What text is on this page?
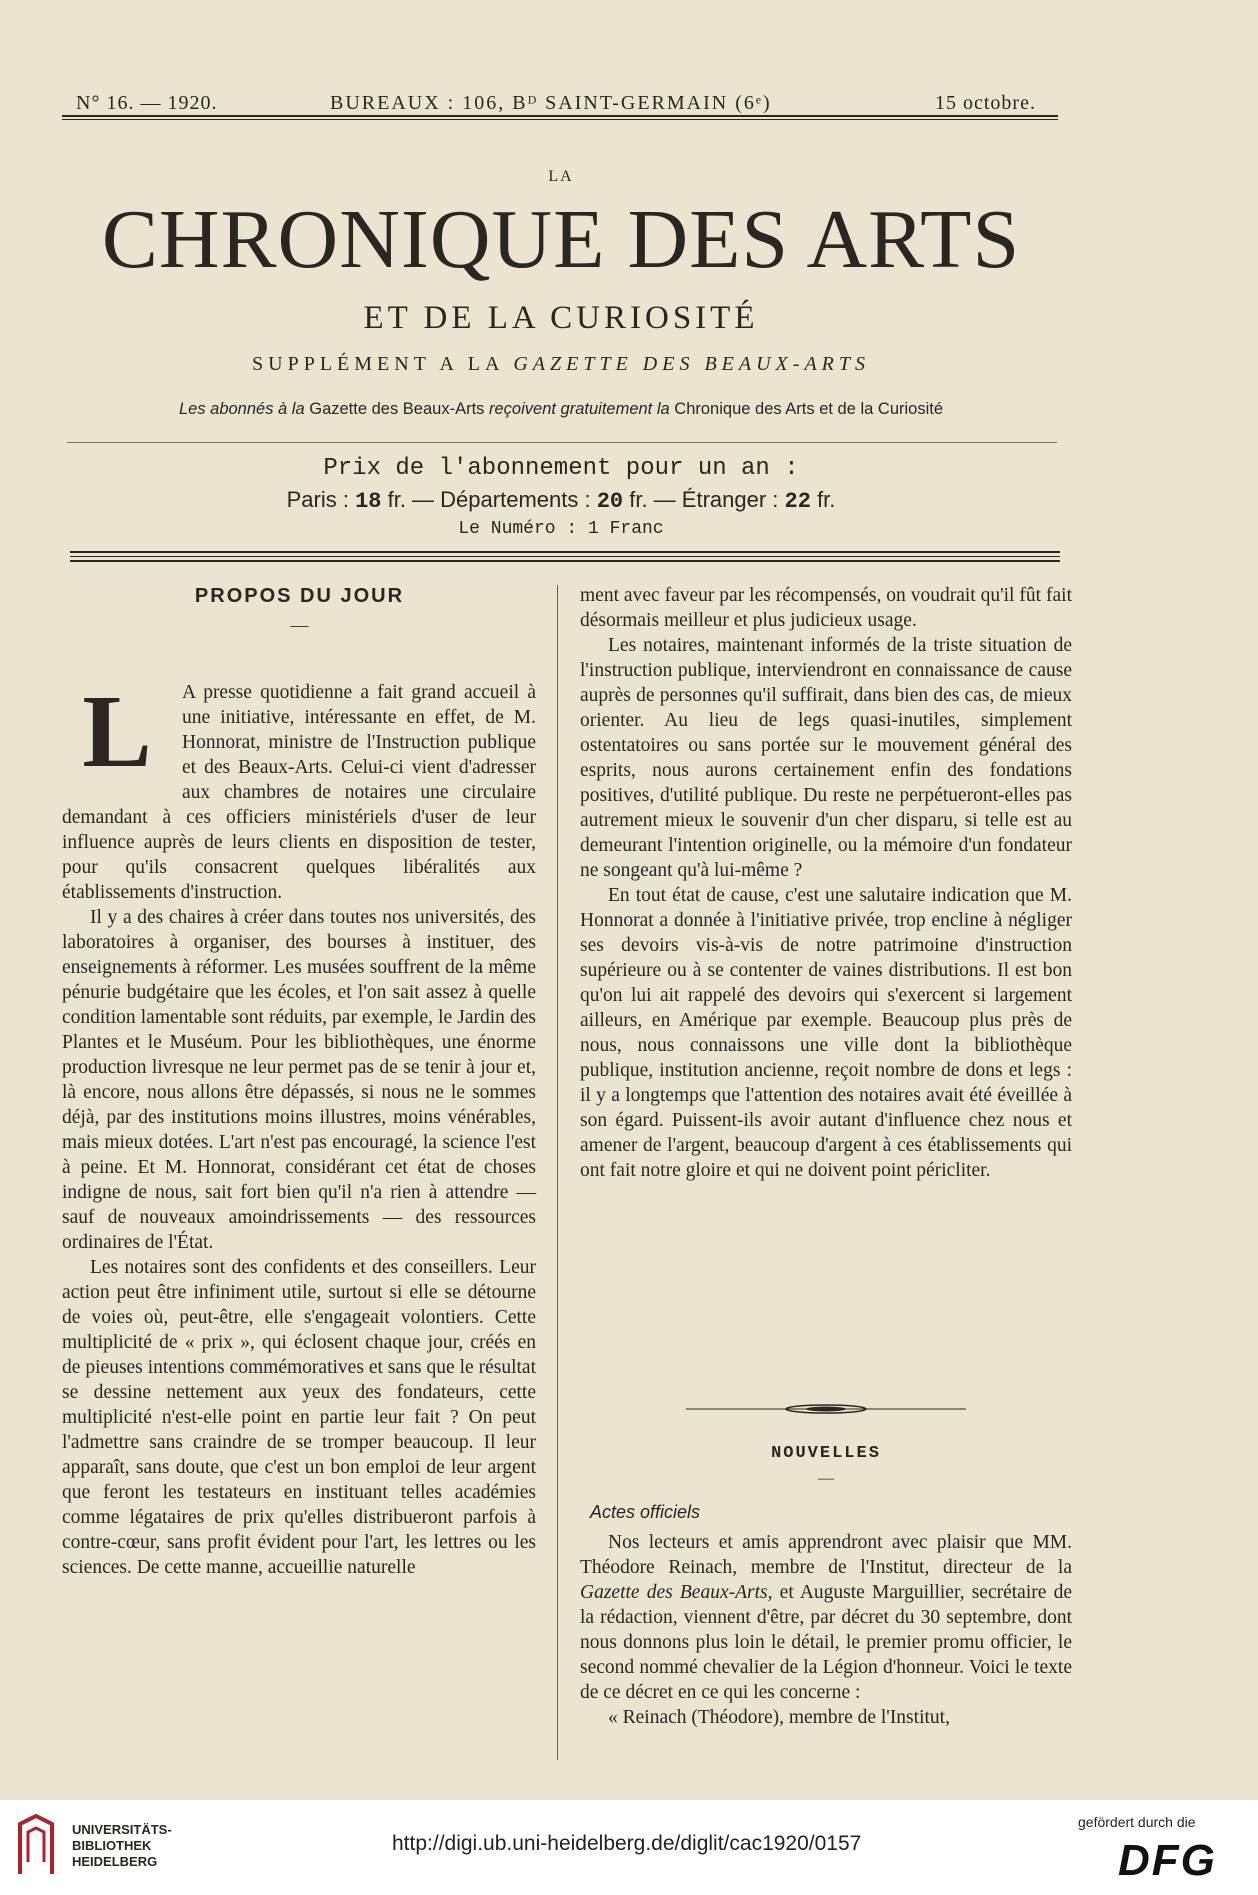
N° 16. — 1920.	BUREAUX : 106, Bᴰ SAINT-GERMAIN (6ᵉ)	15 octobre.
LA
CHRONIQUE DES ARTS
ET DE LA CURIOSITÉ
SUPPLÉMENT A LA GAZETTE DES BEAUX-ARTS
Les abonnés à la Gazette des Beaux-Arts reçoivent gratuitement la Chronique des Arts et de la Curiosité
Prix de l'abonnement pour un an :
Paris : 18 fr. — Départements : 20 fr. — Étranger : 22 fr.
Le Numéro : 1 Franc
PROPOS DU JOUR
—

L	A presse quotidienne a fait grand accueil à une initiative, intéressante en effet, de M. Honnorat, ministre de l'Instruction publique et des Beaux-Arts. Celui-ci vient d'adresser aux chambres de notaires une circulaire demandant à ces officiers ministériels d'user de leur influence auprès de leurs clients en disposition de tester, pour qu'ils consacrent quelques libéralités aux établissements d'instruction.

Il y a des chaires à créer dans toutes nos universités, des laboratoires à organiser, des bourses à instituer, des enseignements à réformer. Les musées souffrent de la même pénurie budgétaire que les écoles, et l'on sait assez à quelle condition lamentable sont réduits, par exemple, le Jardin des Plantes et le Muséum. Pour les bibliothèques, une énorme production livresque ne leur permet pas de se tenir à jour et, là encore, nous allons être dépassés, si nous ne le sommes déjà, par des institutions moins illustres, moins vénérables, mais mieux dotées. L'art n'est pas encouragé, la science l'est à peine. Et M. Honnorat, considérant cet état de choses indigne de nous, sait fort bien qu'il n'a rien à attendre — sauf de nouveaux amoindrissements — des ressources ordinaires de l'État.

Les notaires sont des confidents et des conseillers. Leur action peut être infiniment utile, surtout si elle se détourne de voies où, peut-être, elle s'engageait volontiers. Cette multiplicité de « prix », qui éclosent chaque jour, créés en de pieuses intentions commémoratives et sans que le résultat se dessine nettement aux yeux des fondateurs, cette multiplicité n'est-elle point en partie leur fait ? On peut l'admettre sans craindre de se tromper beaucoup. Il leur apparaît, sans doute, que c'est un bon emploi de leur argent que feront les testateurs en instituant telles académies comme légataires de prix qu'elles distribueront parfois à contre-cœur, sans profit évident pour l'art, les lettres ou les sciences. De cette manne, accueillie naturelle

ment avec faveur par les récompensés, on voudrait qu'il fût fait désormais meilleur et plus judicieux usage.

Les notaires, maintenant informés de la triste situation de l'instruction publique, interviendront en connaissance de cause auprès de personnes qu'il suffirait, dans bien des cas, de mieux orienter. Au lieu de legs quasi-inutiles, simplement ostentatoires ou sans portée sur le mouvement général des esprits, nous aurons certainement enfin des fondations positives, d'utilité publique. Du reste ne perpétueront-elles pas autrement mieux le souvenir d'un cher disparu, si telle est au demeurant l'intention originelle, ou la mémoire d'un fondateur ne songeant qu'à lui-même ?

En tout état de cause, c'est une salutaire indication que M. Honnorat a donnée à l'initiative privée, trop encline à négliger ses devoirs vis-à-vis de notre patrimoine d'instruction supérieure ou à se contenter de vaines distributions. Il est bon qu'on lui ait rappelé des devoirs qui s'exercent si largement ailleurs, en Amérique par exemple. Beaucoup plus près de nous, nous connaissons une ville dont la bibliothèque publique, institution ancienne, reçoit nombre de dons et legs : il y a longtemps que l'attention des notaires avait été éveillée à son égard. Puissent-ils avoir autant d'influence chez nous et amener de l'argent, beaucoup d'argent à ces établissements qui ont fait notre gloire et qui ne doivent point péricliter.

NOUVELLES
—
Actes officiels

Nos lecteurs et amis apprendront avec plaisir que MM. Théodore Reinach, membre de l'Institut, directeur de la Gazette des Beaux-Arts, et Auguste Marguillier, secrétaire de la rédaction, viennent d'être, par décret du 30 septembre, dont nous donnons plus loin le détail, le premier promu officier, le second nommé chevalier de la Légion d'honneur. Voici le texte de ce décret en ce qui les concerne :

« Reinach (Théodore), membre de l'Institut,

UNIVERSITÄTS-
BIBLIOTHEK
HEIDELBERG
http://digi.ub.uni-heidelberg.de/diglit/cac1920/0157
gefördert durch die
DFG
